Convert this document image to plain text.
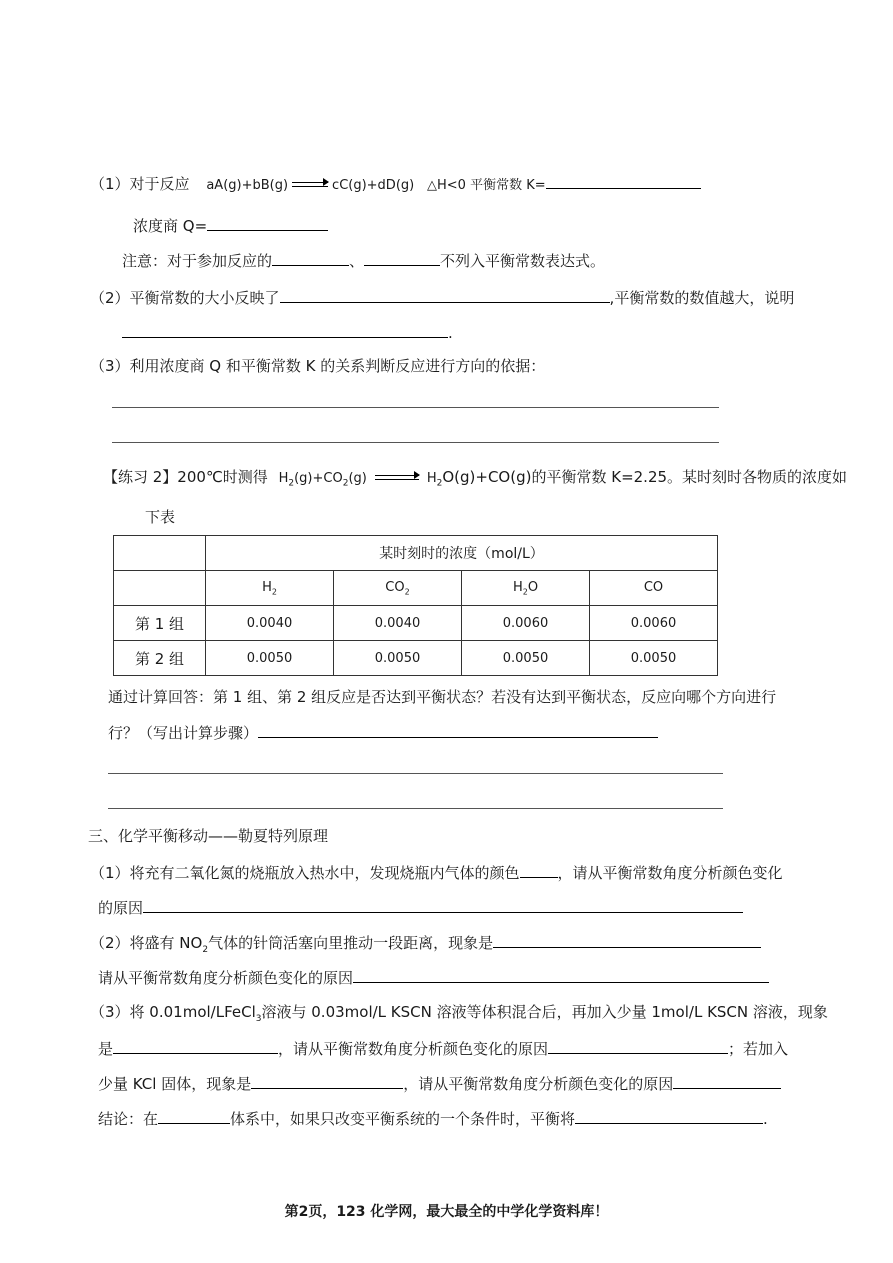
（1）对于反应 aA(g)+bB(g)	cC(g)+dD(g) △H<0 平衡常数 K=
浓度商 Q=
注意：对于参加反应的	、	不列入平衡常数表达式。
（2）平衡常数的大小反映了	,平衡常数的数值越大，说明
.
（3）利用浓度商 Q 和平衡常数 K 的关系判断反应进行方向的依据：
【练习 2】200℃时测得 $H_2(g)+CO_2(g)$	$H_2O(g)+CO(g)$的平衡常数 K=2.25。某时刻时各物质的浓度如
下表
	某时刻时的浓度（mol/L）			
	$H_2$	$CO_2$	$H_2O$	CO
第 1 组	0.0040	0.0040	0.0060	0.0060
第 2 组	0.0050	0.0050	0.0050	0.0050
通过计算回答：第 1 组、第 2 组反应是否达到平衡状态？若没有达到平衡状态，反应向哪个方向进行
行？（写出计算步骤）
三、化学平衡移动——勒夏特列原理
（1）将充有二氧化氮的烧瓶放入热水中，发现烧瓶内气体的颜色	，请从平衡常数角度分析颜色变化
的原因
（2）将盛有 $NO_2$气体的针筒活塞向里推动一段距离，现象是
请从平衡常数角度分析颜色变化的原因
（3）将 0.01mol/LFeCl$_3$溶液与 0.03mol/L KSCN 溶液等体积混合后，再加入少量 1mol/L KSCN 溶液，现象
是	，请从平衡常数角度分析颜色变化的原因	；若加入
少量 KCl 固体，现象是	，请从平衡常数角度分析颜色变化的原因
结论：在	体系中，如果只改变平衡系统的一个条件时，平衡将	.
第2页，123 化学网，最大最全的中学化学资料库！
